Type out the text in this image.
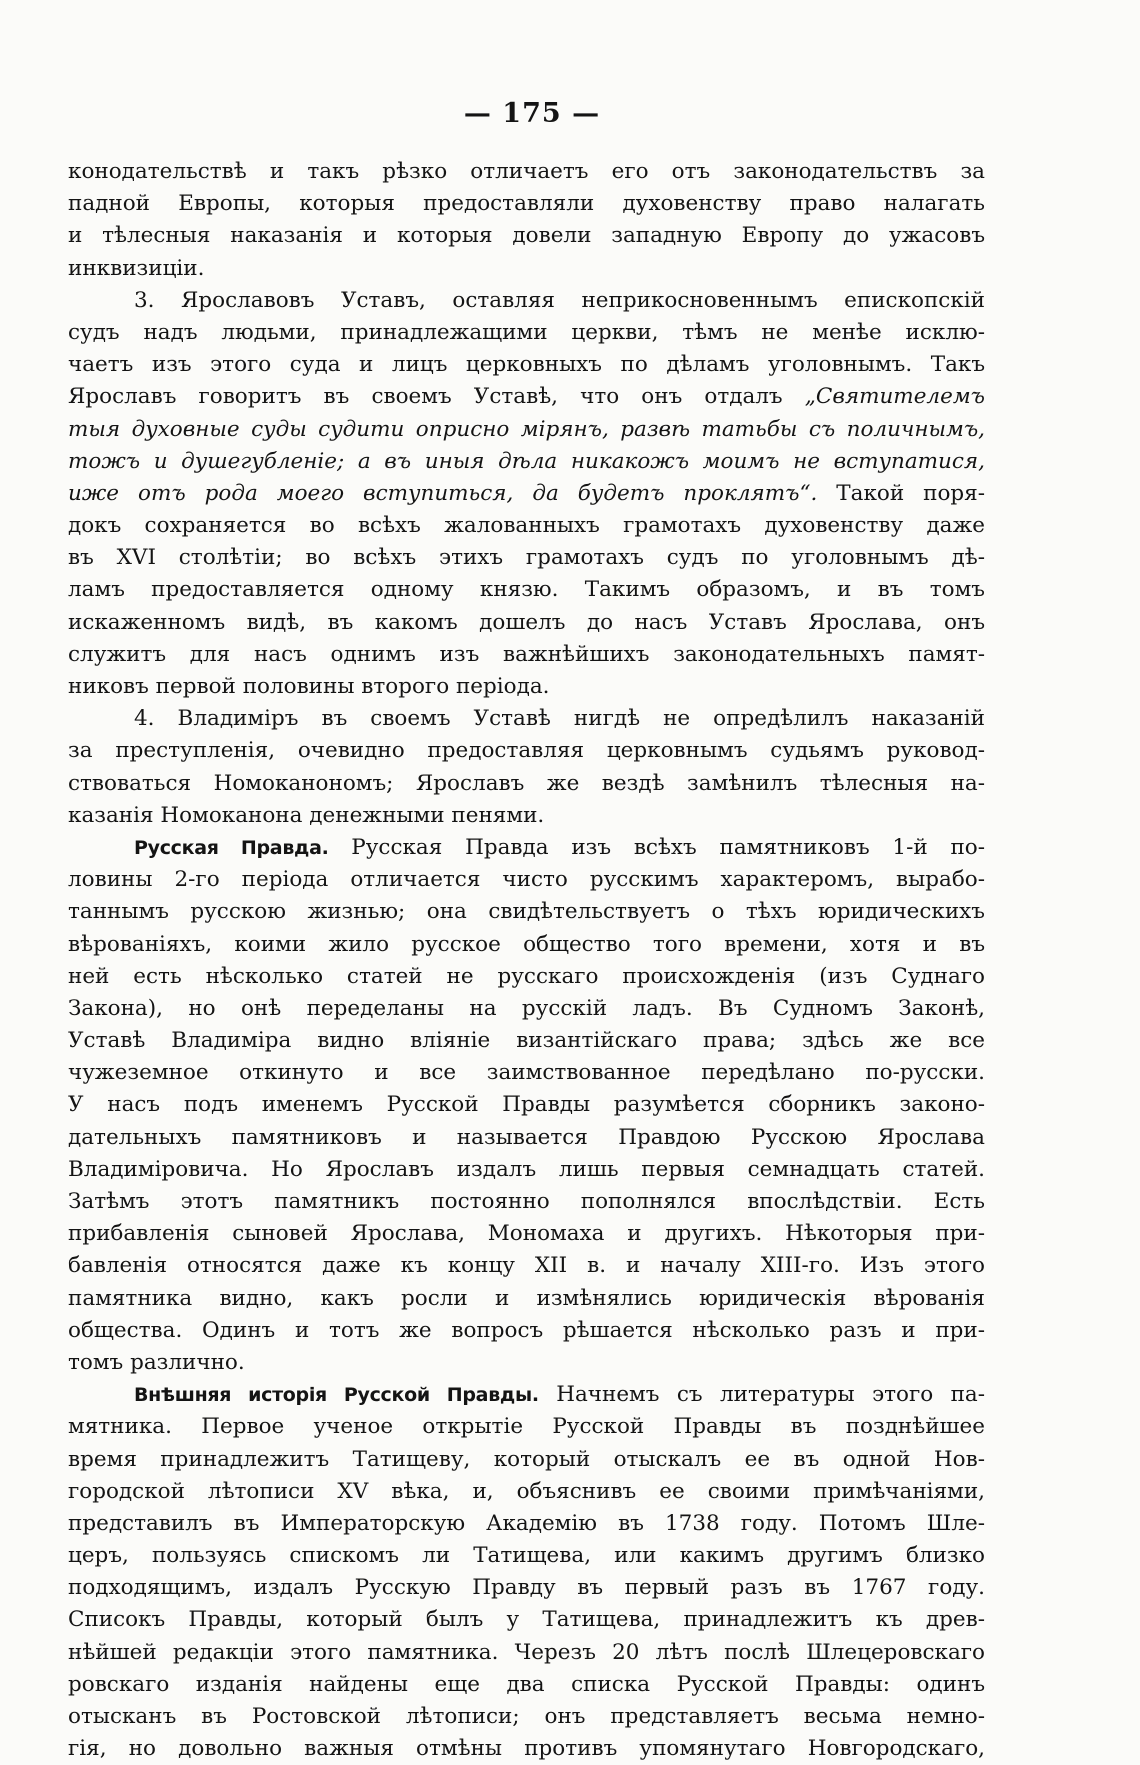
— 175 —
конодательствѣ и такъ рѣзко отличаетъ его отъ законодательствъ за
падной Европы, которыя предоставляли духовенству право налагать
и тѣлесныя наказанія и которыя довели западную Европу до ужасовъ
инквизиціи.
3. Ярославовъ Уставъ, оставляя неприкосновеннымъ епископскій
судъ надъ людьми, принадлежащими церкви, тѣмъ не менѣе исклю-
чаетъ изъ этого суда и лицъ церковныхъ по дѣламъ уголовнымъ. Такъ
Ярославъ говоритъ въ своемъ Уставѣ, что онъ отдалъ „Святителемъ
тыя духовные суды судити оприсно мірянъ, развѣ татьбы съ поличнымъ,
тожъ и душегубленіе; а въ иныя дѣла никакожъ моимъ не вступатися,
иже отъ рода моего вступиться, да будетъ проклятъ“. Такой поря-
докъ сохраняется во всѣхъ жалованныхъ грамотахъ духовенству даже
въ XVI столѣтіи; во всѣхъ этихъ грамотахъ судъ по уголовнымъ дѣ-
ламъ предоставляется одному князю. Такимъ образомъ, и въ томъ
искаженномъ видѣ, въ какомъ дошелъ до насъ Уставъ Ярослава, онъ
служитъ для насъ однимъ изъ важнѣйшихъ законодательныхъ памят-
никовъ первой половины второго періода.
4. Владиміръ въ своемъ Уставѣ нигдѣ не опредѣлилъ наказаній
за преступленія, очевидно предоставляя церковнымъ судьямъ руковод-
ствоваться Номоканономъ; Ярославъ же вездѣ замѣнилъ тѣлесныя на-
казанія Номоканона денежными пенями.
Русская Правда. Русская Правда изъ всѣхъ памятниковъ 1-й по-
ловины 2-го періода отличается чисто русскимъ характеромъ, вырабо-
таннымъ русскою жизнью; она свидѣтельствуетъ о тѣхъ юридическихъ
вѣрованіяхъ, коими жило русское общество того времени, хотя и въ
ней есть нѣсколько статей не русскаго происхожденія (изъ Суднаго
Закона), но онѣ переделаны на русскій ладъ. Въ Судномъ Законѣ,
Уставѣ Владиміра видно вліяніе византійскаго права; здѣсь же все
чужеземное откинуто и все заимствованное передѣлано по-русски.
У насъ подъ именемъ Русской Правды разумѣется сборникъ законо-
дательныхъ памятниковъ и называется Правдою Русскою Ярослава
Владиміровича. Но Ярославъ издалъ лишь первыя семнадцать статей.
Затѣмъ этотъ памятникъ постоянно пополнялся впослѣдствіи. Есть
прибавленія сыновей Ярослава, Мономаха и другихъ. Нѣкоторыя при-
бавленія относятся даже къ концу XII в. и началу XIII-го. Изъ этого
памятника видно, какъ росли и измѣнялись юридическія вѣрованія
общества. Одинъ и тотъ же вопросъ рѣшается нѣсколько разъ и при-
томъ различно.
Внѣшняя исторія Русской Правды. Начнемъ съ литературы этого па-
мятника. Первое ученое открытіе Русской Правды въ позднѣйшее
время принадлежитъ Татищеву, который отыскалъ ее въ одной Нов-
городской лѣтописи XV вѣка, и, объяснивъ ее своими примѣчаніями,
представилъ въ Императорскую Академію въ 1738 году. Потомъ Шле-
церъ, пользуясь спискомъ ли Татищева, или какимъ другимъ близко
подходящимъ, издалъ Русскую Правду въ первый разъ въ 1767 году.
Списокъ Правды, который былъ у Татищева, принадлежитъ къ древ-
нѣйшей редакціи этого памятника. Черезъ 20 лѣтъ послѣ Шлецеровскаго
ровскаго изданія найдены еще два списка Русской Правды: одинъ
отысканъ въ Ростовской лѣтописи; онъ представляетъ весьма немно-
гія, но довольно важныя отмѣны противъ упомянутаго Новгородскаго,
